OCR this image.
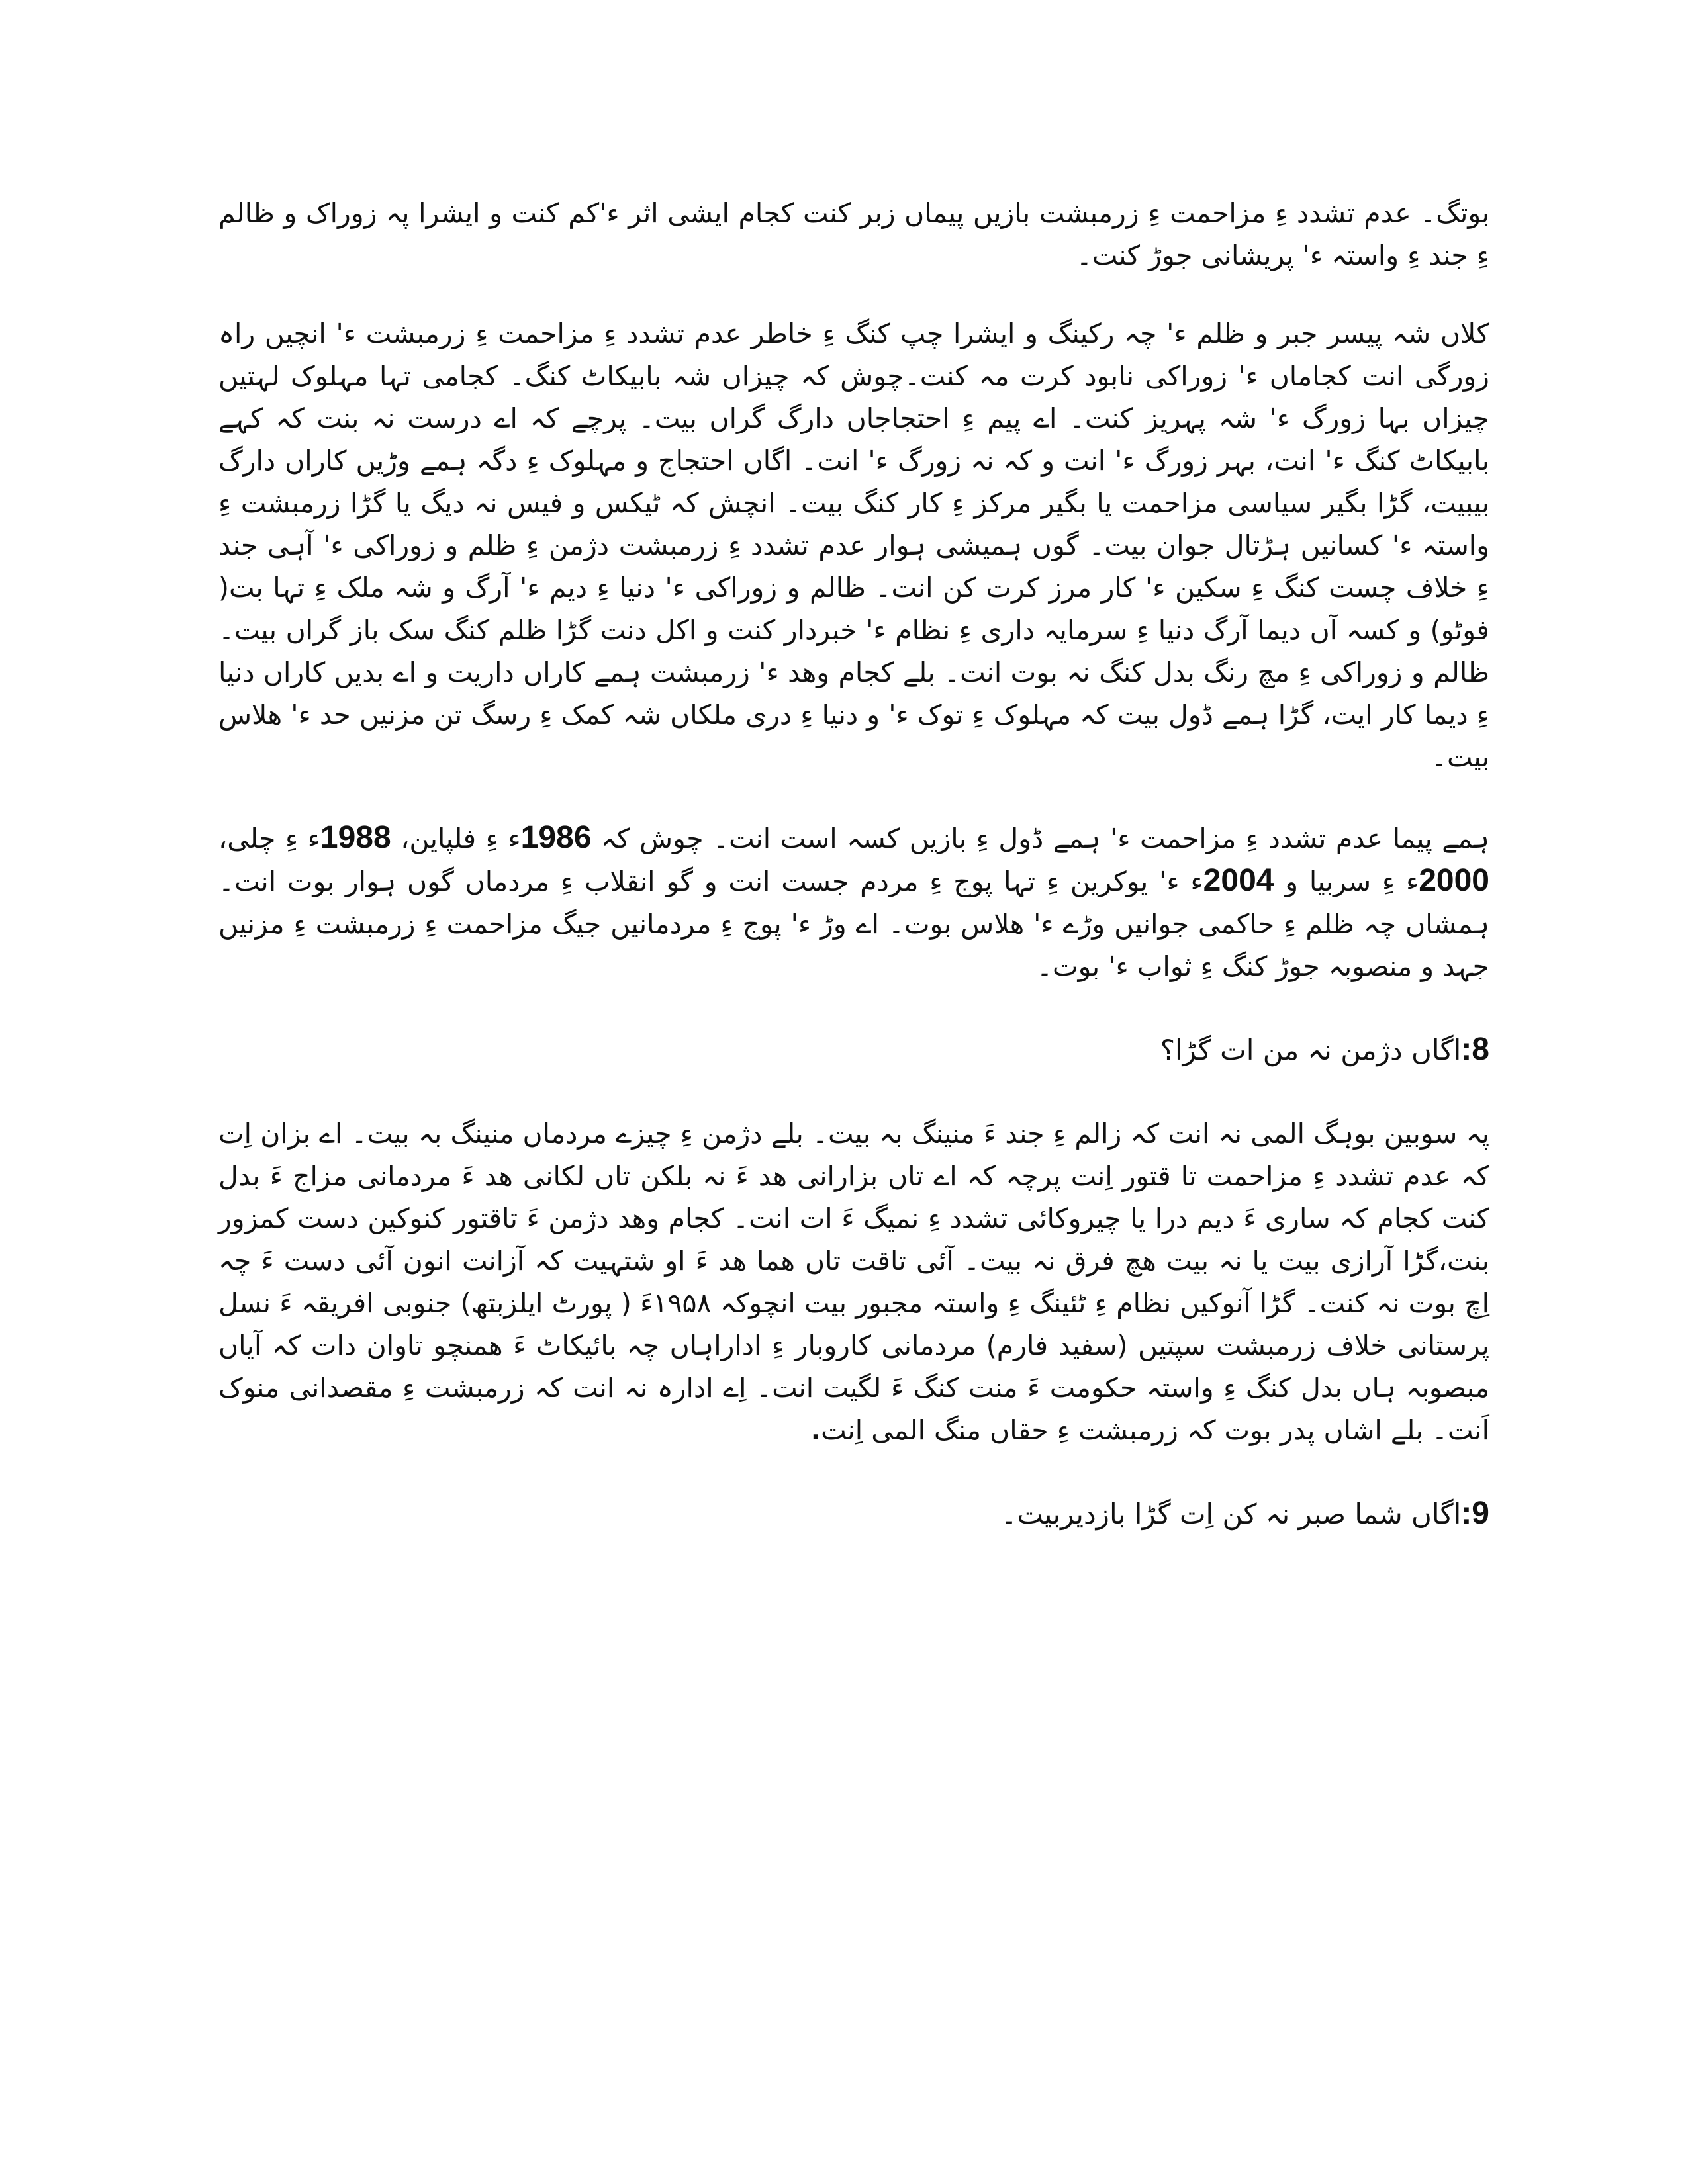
بوتگ۔ عدم تشدد ءِ مزاحمت ءِ زرمبشت بازیں پیماں زبر کنت کجام ایشی اثر ء'کم کنت و ایشرا پہ زوراک و ظالم ءِ جند ءِ واستہ ء' پریشانی جوڑ کنت۔

کلاں شہ پیسر جبر و ظلم ء' چہ رکینگ و ایشرا چپ کنگ ءِ خاطر عدم تشدد ءِ مزاحمت ءِ زرمبشت ء' انچیں راہ زورگی انت کجاماں ء' زوراکی نابود کرت مہ کنت۔چوش کہ چیزاں شہ بابیکاٹ کنگ۔ کجامی تہا مہلوک لہتیں چیزاں بہا زورگ ء' شہ پہریز کنت۔ اے پیم ءِ احتجاجاں دارگ گراں بیت۔ پرچے کہ اے درست نہ بنت کہ کہے بابیکاٹ کنگ ء' انت، بہر زورگ ء' انت و کہ نہ زورگ ء' انت۔ اگاں احتجاج و مہلوک ءِ دگہ ہمے وڑیں کاراں دارگ بیبیت، گڑا بگیر سیاسی مزاحمت یا بگیر مرکز ءِ کار کنگ بیت۔ انچش کہ ٹیکس و فیس نہ دیگ یا گڑا زرمبشت ءِ واستہ ء' کسانیں ہڑتال جوان بیت۔ گوں ہمیشی ہوار عدم تشدد ءِ زرمبشت دژمن ءِ ظلم و زوراکی ء' آہی جند ءِ خلاف چست کنگ ءِ سکین ء' کار مرز کرت کن انت۔ ظالم و زوراکی ء' دنیا ءِ دیم ء' آرگ و شہ ملک ءِ تہا بت( فوٹو) و کسہ آں دیما آرگ دنیا ءِ سرمایہ داری ءِ نظام ء' خبردار کنت و اکل دنت گڑا ظلم کنگ سک باز گراں بیت۔ ظالم و زوراکی ءِ مچ رنگ بدل کنگ نہ بوت انت۔ بلے کجام وھد ء' زرمبشت ہمے کاراں داریت و اے بدیں کاراں دنیا ءِ دیما کار ایت، گڑا ہمے ڈول بیت کہ مہلوک ءِ توک ء' و دنیا ءِ دری ملکاں شہ کمک ءِ رسگ تن مزنیں حد ء' ھلاس بیت۔

ہمے پیما عدم تشدد ءِ مزاحمت ء' ہمے ڈول ءِ بازیں کسہ است انت۔ چوش کہ 1986ء ءِ فلپاین، 1988ء ءِ چلی، 2000ء ءِ سربیا و 2004ء ء' یوکرین ءِ تہا پوج ءِ مردم جست انت و گو انقلاب ءِ مردماں گوں ہوار بوت انت۔ ہمشاں چہ ظلم ءِ حاکمی جوانیں وڑے ء' ھلاس بوت۔ اے وڑ ء' پوج ءِ مردمانیں جیگ مزاحمت ءِ زرمبشت ءِ مزنیں جہد و منصوبہ جوڑ کنگ ءِ ثواب ء' بوت۔

8:اگاں دژمن نہ من ات گڑا؟

پہ سوبین بوہگ المی نہ انت کہ زالم ءِ جند ءَ منینگ بہ بیت۔ بلے دژمن ءِ چیزے مردماں منینگ بہ بیت۔ اے بزان اِت کہ عدم تشدد ءِ مزاحمت تا قتور اِنت پرچہ کہ اے تاں بزارانی ھد ءَ نہ بلکن تاں لکانی ھد ءَ مردمانی مزاج ءَ بدل کنت کجام کہ ساری ءَ دیم درا یا چیروکائی تشدد ءِ نمیگ ءَ ات انت۔ کجام وھد دژمن ءَ تاقتور کنوکین دست کمزور بنت،گڑا آرازی بیت یا نہ بیت ھچ فرق نہ بیت۔ آئی تاقت تاں ھما ھد ءَ او شتہیت کہ آزانت انون آئی دست ءَ چہ اِچ بوت نہ کنت۔ گڑا آنوکیں نظام ءِ ٹئینگ ءِ واستہ مجبور بیت انچوکہ ۱۹۵۸ءَ ( پورٹ ایلزبتھ) جنوبی افریقہ ءَ نسل پرستانی خلاف زرمبشت سپتیں (سفید فارم) مردمانی کاروبار ءِ اداراہاں چہ بائیکاٹ ءَ ھمنچو تاوان دات کہ آیاں مبصوبہ ہاں بدل کنگ ءِ واستہ حکومت ءَ منت کنگ ءَ لگیت انت۔ اِے ادارہ نہ انت کہ زرمبشت ءِ مقصدانی منوک اَنت۔ بلے اشاں پدر بوت کہ زرمبشت ءِ حقاں منگ المی اِنت.

9:اگاں شما صبر نہ کن اِت گڑا بازدیربیت۔
